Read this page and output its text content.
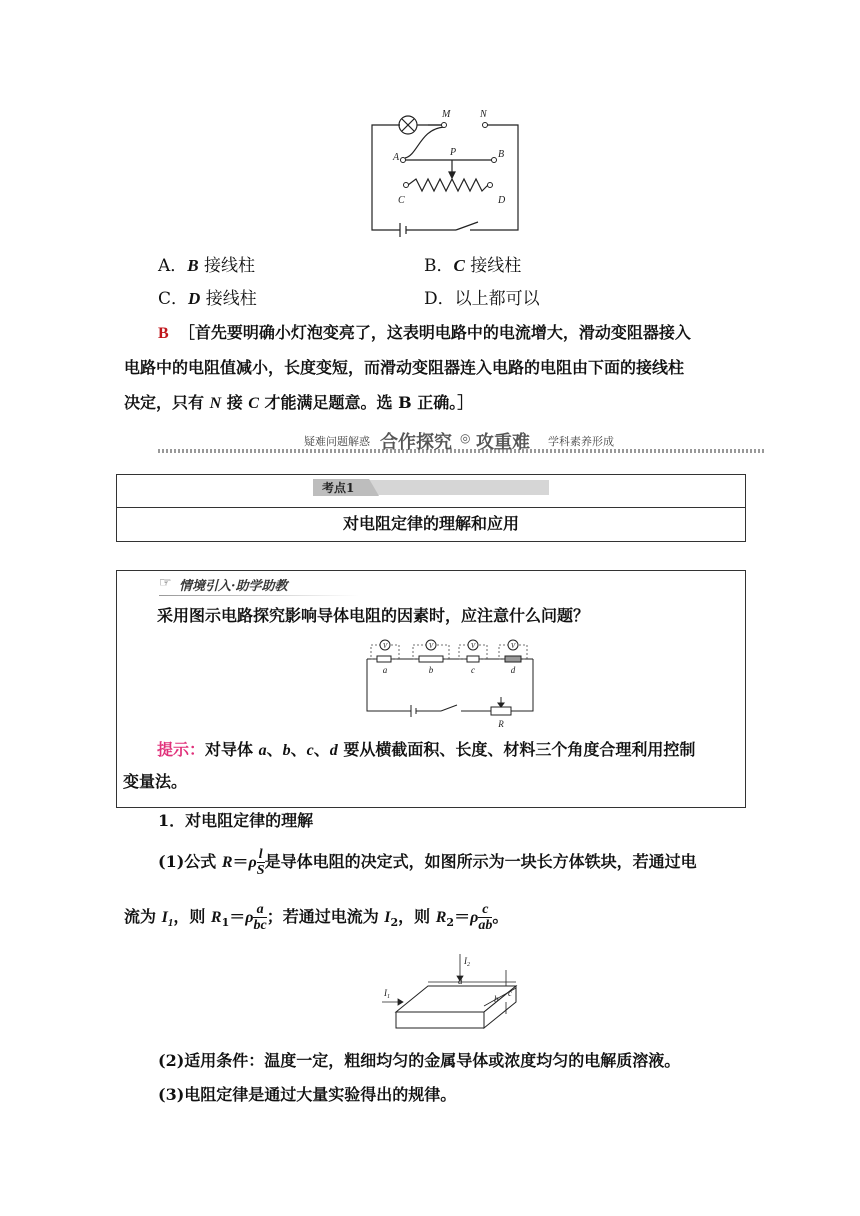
M	N
A	B
P
C	D
A．B 接线柱	B．C 接线柱
C．D 接线柱	D．以上都可以
B ［首先要明确小灯泡变亮了，这表明电路中的电流增大，滑动变阻器接入
电路中的电阻值减小，长度变短，而滑动变阻器连入电路的电阻由下面的接线柱
决定，只有 N 接 C 才能满足题意。选 B 正确。］
疑难问题解惑 合作探究 ◎ 攻重难 学科素养形成
考点1
对电阻定律的理解和应用
☞ 情境引入·助学助教
采用图示电路探究影响导体电阻的因素时，应注意什么问题？
V	V	V	V
a	b	c	d
R
提示：对导体 a、b、c、d 要从横截面积、长度、材料三个角度合理利用控制
变量法。
1．对电阻定律的理解
(1)公式 $R=\rho \frac{l}{S}$ 是导体电阻的决定式，如图所示为一块长方体铁块，若通过电
流为 $I_1$，则 $R_1=\rho \frac{a}{bc}$ ；若通过电流为 $I_2$，则 $R_2=\rho \frac{c}{ab}$ 。
$I_2$
$I_1$
a
b
c
(2)适用条件：温度一定，粗细均匀的金属导体或浓度均匀的电解质溶液。
(3)电阻定律是通过大量实验得出的规律。
